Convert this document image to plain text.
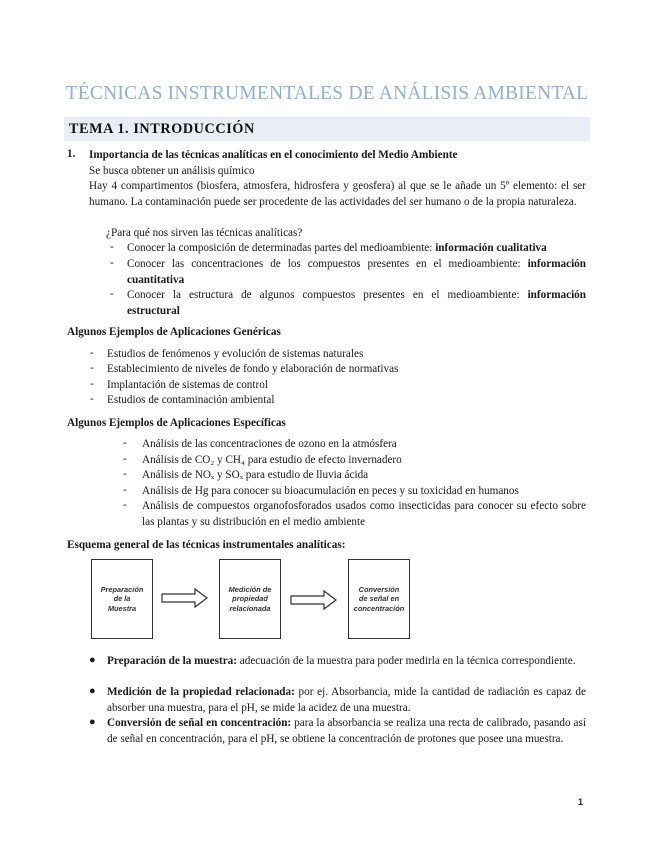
TÉCNICAS INSTRUMENTALES DE ANÁLISIS AMBIENTAL
TEMA 1. INTRODUCCIÓN
1. Importancia de las técnicas analíticas en el conocimiento del Medio Ambiente
Se busca obtener un análisis químico
Hay 4 compartimentos (biosfera, atmosfera, hidrosfera y geosfera) al que se le añade un 5º elemento: el ser humano. La contaminación puede ser procedente de las actividades del ser humano o de la propia naturaleza.
¿Para qué nos sirven las técnicas analíticas?
- Conocer la composición de determinadas partes del medioambiente: información cualitativa
- Conocer las concentraciones de los compuestos presentes en el medioambiente: información cuantitativa
- Conocer la estructura de algunos compuestos presentes en el medioambiente: información estructural
Algunos Ejemplos de Aplicaciones Genéricas
- Estudios de fenómenos y evolución de sistemas naturales
- Establecimiento de niveles de fondo y elaboración de normativas
- Implantación de sistemas de control
- Estudios de contaminación ambiental
Algunos Ejemplos de Aplicaciones Específicas
- Análisis de las concentraciones de ozono en la atmósfera
- Análisis de CO₂ y CH₄ para estudio de efecto invernadero
- Análisis de NOₓ y SOₓ para estudio de lluvia ácida
- Análisis de Hg para conocer su bioacumulación en peces y su toxicidad en humanos
- Análisis de compuestos organofosforados usados como insecticidas para conocer su efecto sobre las plantas y su distribución en el medio ambiente
Esquema general de las técnicas instrumentales analíticas:
Preparación
de la
Muestra
Medición de
propiedad
relacionada
Conversión
de señal en
concentración
● Preparación de la muestra: adecuación de la muestra para poder medirla en la técnica correspondiente.
● Medición de la propiedad relacionada: por ej. Absorbancia, mide la cantidad de radiación es capaz de absorber una muestra, para el pH, se mide la acidez de una muestra.
● Conversión de señal en concentración: para la absorbancia se realiza una recta de calibrado, pasando así de señal en concentración, para el pH, se obtiene la concentración de protones que posee una muestra.
1
